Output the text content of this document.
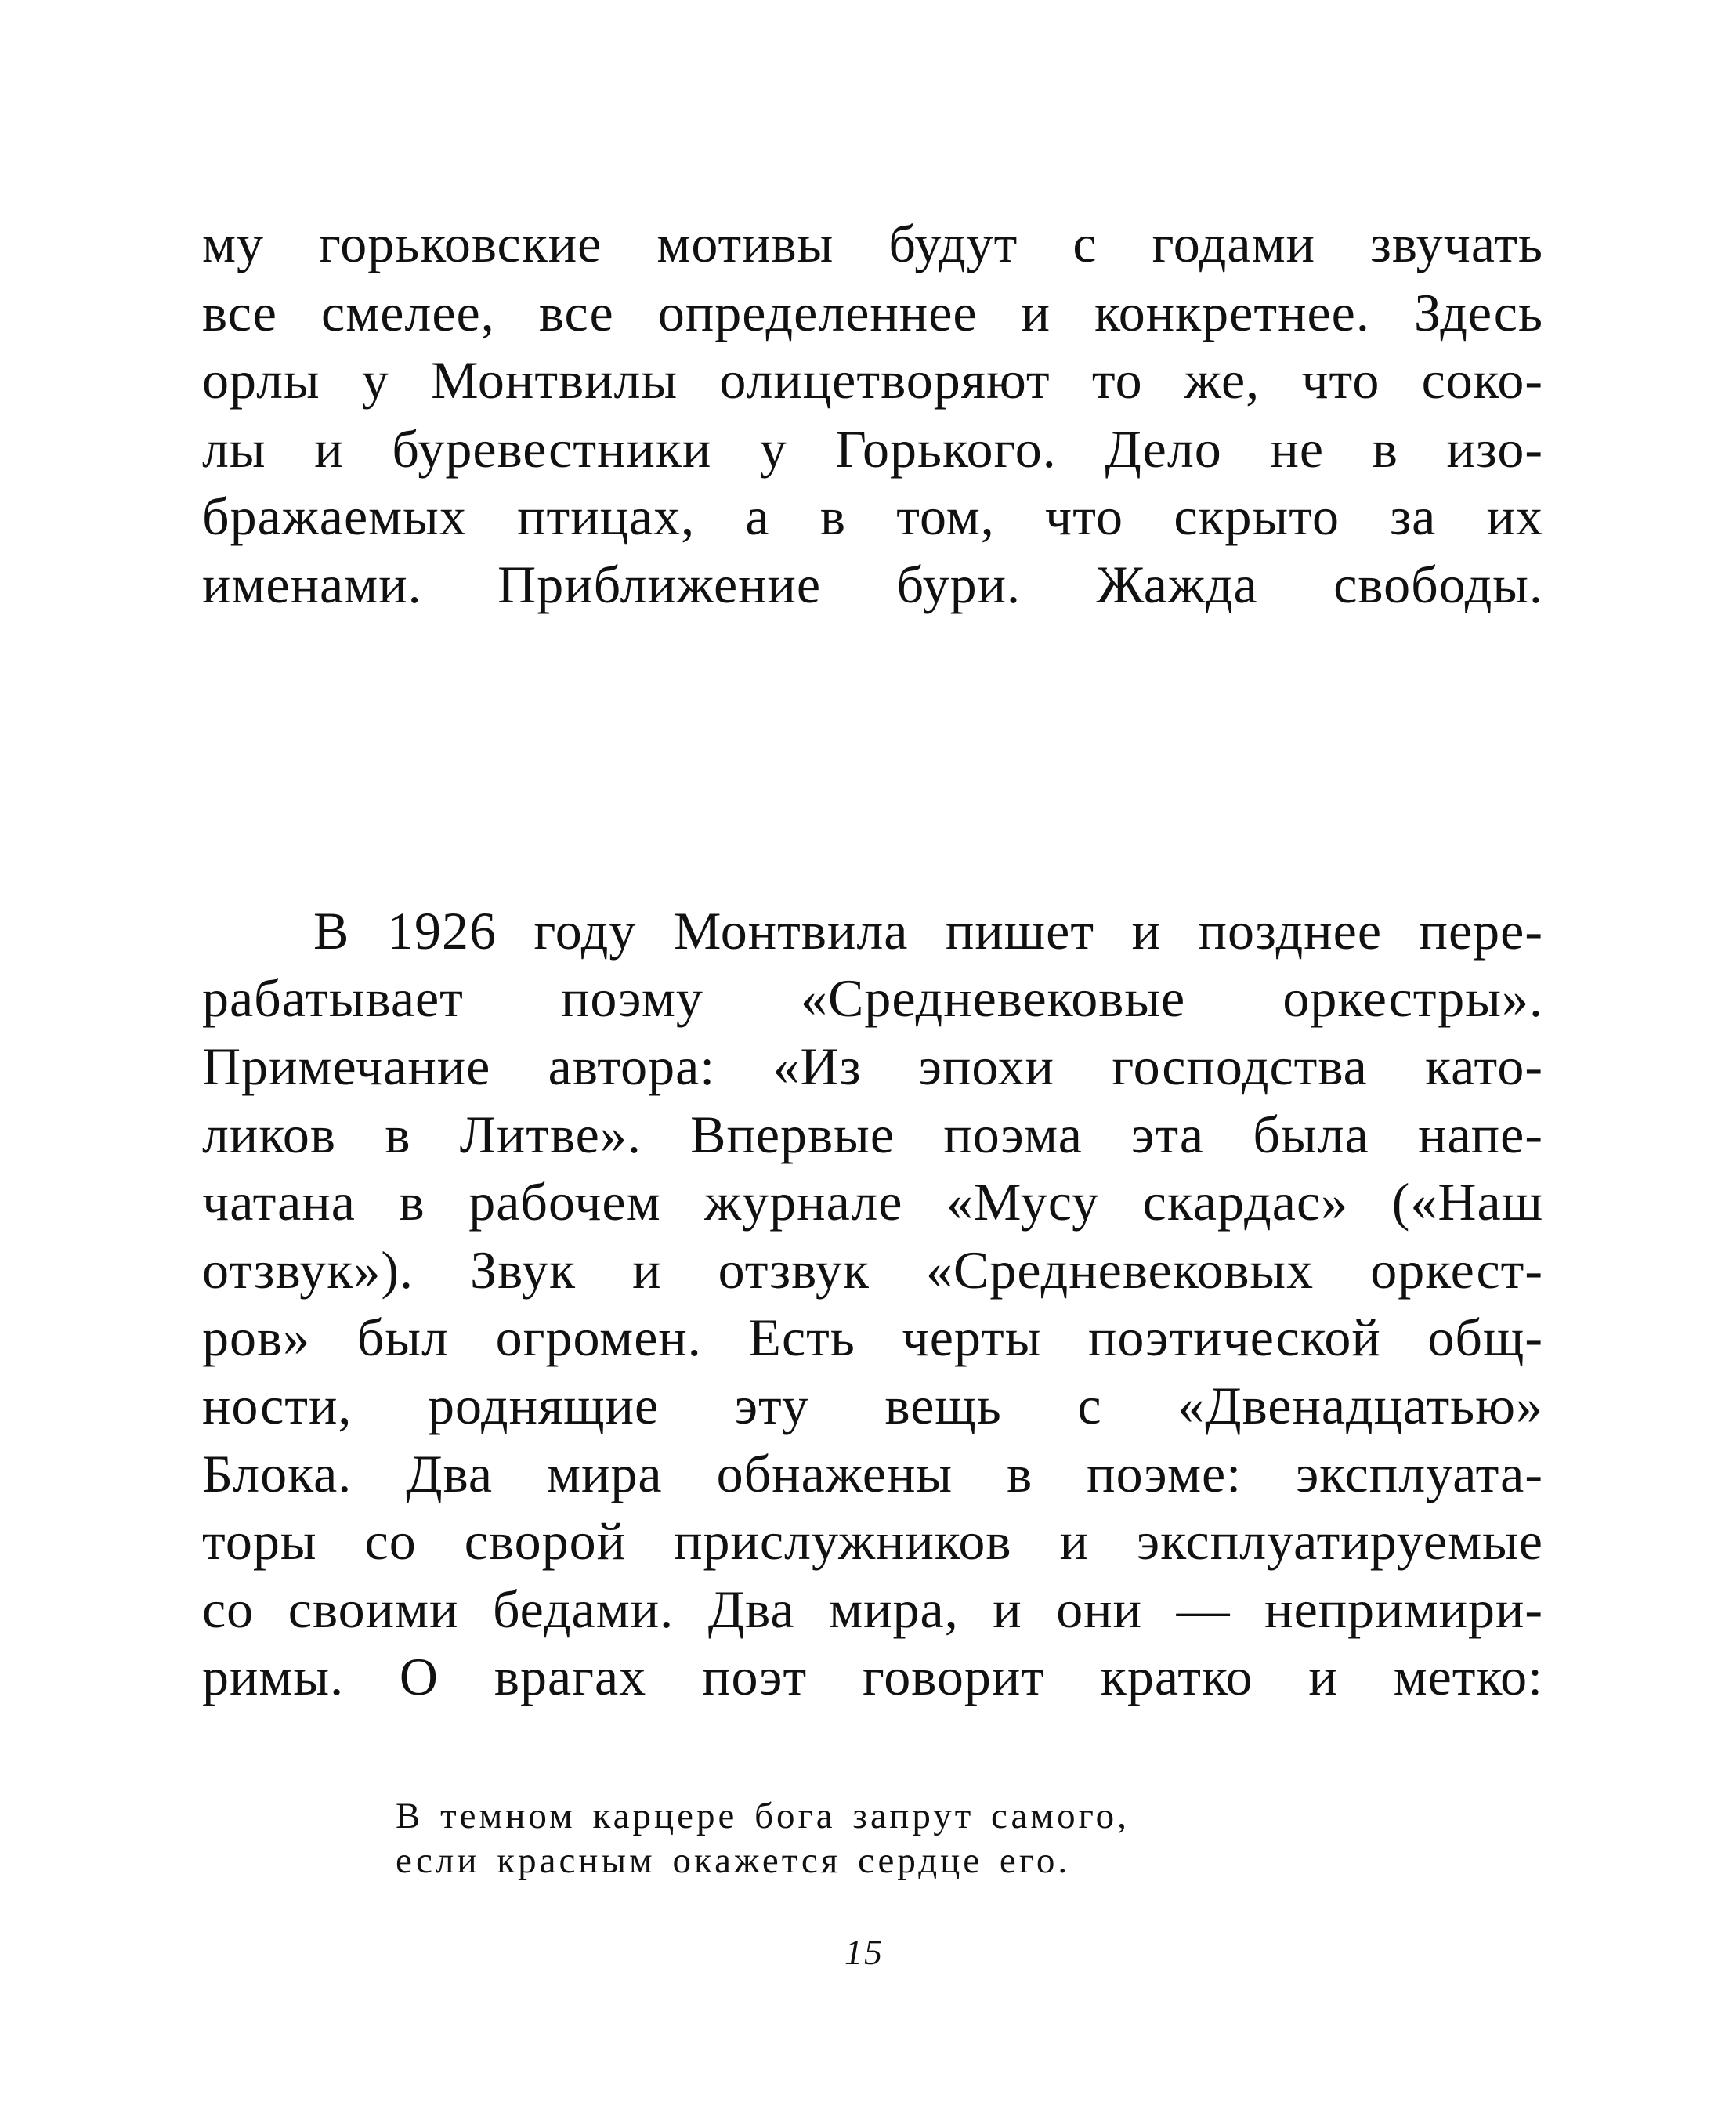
му горьковские мотивы будут с годами звучать
все смелее, все определеннее и конкретнее. Здесь
орлы у Монтвилы олицетворяют то же, что соко-
лы и буревестники у Горького. Дело не в изо-
бражаемых птицах, а в том, что скрыто за их
именами. Приближение бури. Жажда свободы.
В 1926 году Монтвила пишет и позднее пере-
рабатывает поэму «Средневековые оркестры».
Примечание автора: «Из эпохи господства като-
ликов в Литве». Впервые поэма эта была напе-
чатана в рабочем журнале «Мусу скардас» («Наш
отзвук»). Звук и отзвук «Средневековых оркест-
ров» был огромен. Есть черты поэтической общ-
ности, роднящие эту вещь с «Двенадцатью»
Блока. Два мира обнажены в поэме: эксплуата-
торы со сворой прислужников и эксплуатируемые
со своими бедами. Два мира, и они — непримири-
римы. О врагах поэт говорит кратко и метко:
В темном карцере бога запрут самого,
если красным окажется сердце его.
15
